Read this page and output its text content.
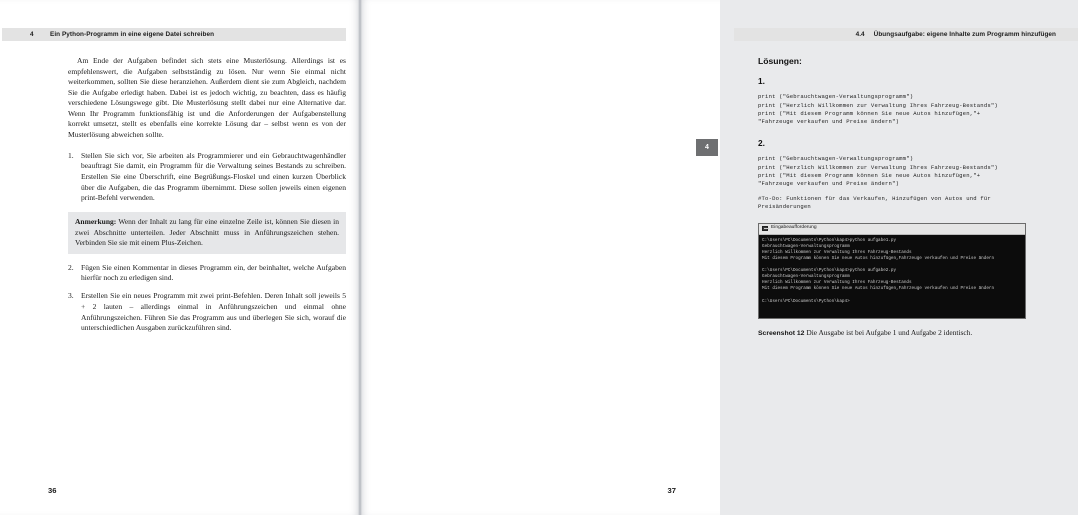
4	Ein Python-Programm in eine eigene Datei schreiben

Am Ende der Aufgaben befindet sich stets eine Musterlösung. Allerdings ist es empfehlenswert, die Aufgaben selbstständig zu lösen. Nur wenn Sie einmal nicht weiterkommen, sollten Sie diese heranziehen. Außerdem dient sie zum Abgleich, nachdem Sie die Aufgabe erledigt haben. Dabei ist es jedoch wichtig, zu beachten, dass es häufig verschiedene Lösungswege gibt. Die Musterlösung stellt dabei nur eine Alternative dar. Wenn Ihr Programm funktionsfähig ist und die Anforderungen der Aufgabenstellung korrekt umsetzt, stellt es ebenfalls eine korrekte Lösung dar – selbst wenn es von der Musterlösung abweichen sollte.

Stellen Sie sich vor, Sie arbeiten als Programmierer und ein Gebrauchtwagenhändler beauftragt Sie damit, ein Programm für die Verwaltung seines Bestands zu schreiben. Erstellen Sie eine Überschrift, eine Begrüßungs-Floskel und einen kurzen Überblick über die Aufgaben, die das Programm übernimmt. Diese sollen jeweils einen eigenen print-Befehl verwenden.
Anmerkung: Wenn der Inhalt zu lang für eine einzelne Zeile ist, können Sie diesen in zwei Abschnitte unterteilen. Jeder Abschnitt muss in Anführungszeichen stehen. Verbinden Sie sie mit einem Plus-Zeichen.
Fügen Sie einen Kommentar in dieses Programm ein, der beinhaltet, welche Aufgaben hierfür noch zu erledigen sind.
Erstellen Sie ein neues Programm mit zwei print-Befehlen. Deren Inhalt soll jeweils 5 + 2 lauten – allerdings einmal in Anführungszeichen und einmal ohne Anführungszeichen. Führen Sie das Programm aus und überlegen Sie sich, worauf die unterschiedlichen Ausgaben zurückzuführen sind.
36
4.4 Übungsaufgabe: eigene Inhalte zum Programm hinzufügen
Lösungen:
1.
print ("Gebrauchtwagen-Verwaltungsprogramm")
print ("Herzlich Willkommen zur Verwaltung Ihres Fahrzeug-Bestands")
print ("Mit diesem Programm können Sie neue Autos hinzufügen,"+
"Fahrzeuge verkaufen und Preise ändern")
2.
print ("Gebrauchtwagen-Verwaltungsprogramm")
print ("Herzlich Willkommen zur Verwaltung Ihres Fahrzeug-Bestands")
print ("Mit diesem Programm können Sie neue Autos hinzufügen,"+
"Fahrzeuge verkaufen und Preise ändern")
#To-Do: Funktionen für das Verkaufen, Hinzufügen von Autos und für
Preisänderungen
Eingabeaufforderung
C:\Users\PC\Documents\Python\kap4>python aufgabe1.py
Gebrauchtwagen-Verwaltungsprogramm
Herzlich Willkommen zur Verwaltung Ihres Fahrzeug-Bestands
Mit diesem Programm können Sie neue Autos hinzufügen,Fahrzeuge verkaufen und Preise ändern

C:\Users\PC\Documents\Python\kap4>python aufgabe2.py
Gebrauchtwagen-Verwaltungsprogramm
Herzlich Willkommen zur Verwaltung Ihres Fahrzeug-Bestands
Mit diesem Programm können Sie neue Autos hinzufügen,Fahrzeuge verkaufen und Preise ändern

C:\Users\PC\Documents\Python\kap4>
Screenshot 12 Die Ausgabe ist bei Aufgabe 1 und Aufgabe 2 identisch.
4
37
